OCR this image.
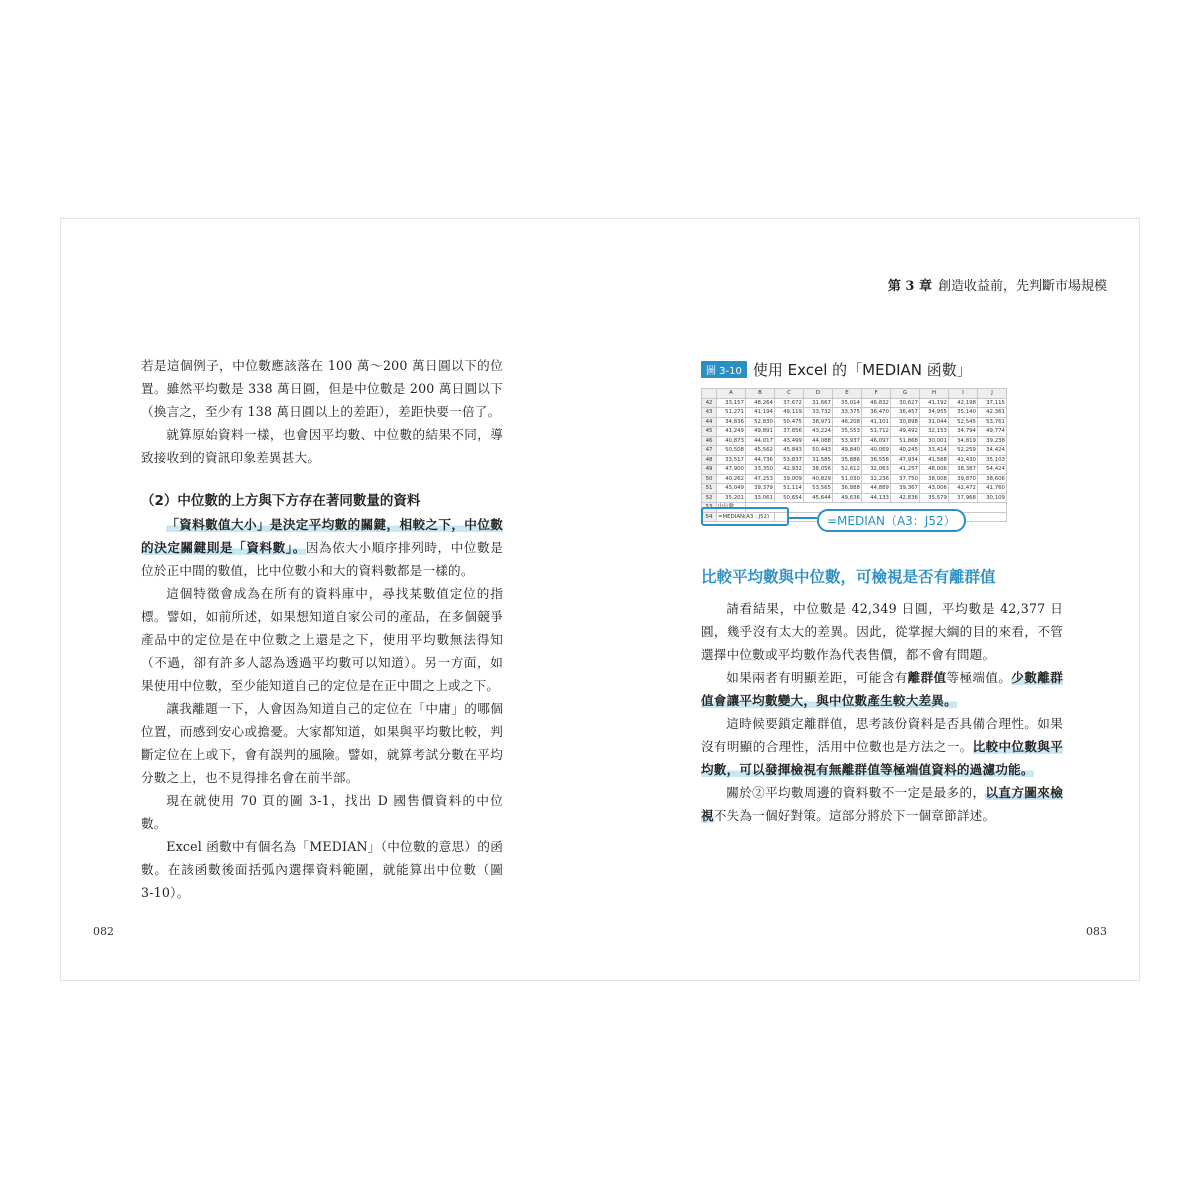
第 3 章 創造收益前，先判斷市場規模

若是這個例子，中位數應該落在 100 萬～200 萬日圓以下的位置。雖然平均數是 338 萬日圓，但是中位數是 200 萬日圓以下（換言之，至少有 138 萬日圓以上的差距），差距快要一倍了。

就算原始資料一樣，也會因平均數、中位數的結果不同，導致接收到的資訊印象差異甚大。

（2）中位數的上方與下方存在著同數量的資料

「資料數值大小」是決定平均數的關鍵，相較之下，中位數的決定關鍵則是「資料數」。因為依大小順序排列時，中位數是位於正中間的數值，比中位數小和大的資料數都是一樣的。

這個特徵會成為在所有的資料庫中，尋找某數值定位的指標。譬如，如前所述，如果想知道自家公司的產品，在多個競爭產品中的定位是在中位數之上還是之下，使用平均數無法得知（不過，卻有許多人認為透過平均數可以知道）。另一方面，如果使用中位數，至少能知道自己的定位是在正中間之上或之下。

讓我離題一下，人會因為知道自己的定位在「中庸」的哪個位置，而感到安心或擔憂。大家都知道，如果與平均數比較，判斷定位在上或下，會有誤判的風險。譬如，就算考試分數在平均分數之上，也不見得排名會在前半部。

現在就使用 70 頁的圖 3-1，找出 D 國售價資料的中位數。

Excel 函數中有個名為「MEDIAN」（中位數的意思）的函數。在該函數後面括弧內選擇資料範圍，就能算出中位數（圖 3-10）。

圖 3-10 使用 Excel 的「MEDIAN 函數」
	A	B	C	D	E	F	G	H	I	J
42	33,157	48,264	37,672	31,667	35,014	46,832	30,627	41,192	42,198	37,115
43	51,271	41,194	49,119	33,732	33,375	36,470	36,457	34,955	35,140	42,361
44	34,836	52,830	50,475	38,971	46,208	41,101	30,898	31,044	52,545	53,761
45	41,249	49,891	37,856	43,224	35,553	51,712	49,492	32,153	34,794	49,774
46	40,873	44,017	43,499	44,088	53,937	46,097	51,868	30,001	34,819	39,238
47	50,508	45,562	45,843	50,443	49,840	40,069	40,245	33,414	52,259	34,424
48	33,517	44,736	53,837	31,585	35,886	36,558	47,934	41,568	42,430	35,103
49	47,900	33,350	42,932	38,056	52,612	32,063	41,257	48,006	38,387	54,424
50	40,262	47,253	39,009	40,829	51,030	32,236	37,750	38,008	39,870	38,606
51	43,049	39,379	51,114	53,565	36,888	44,889	39,367	43,006	42,472	41,760
52	35,201	33,061	50,654	45,644	49,636	44,133	42,836	35,579	37,968	30,109
53	中位數									
54	=MEDIAN(A3 : J52)										=MEDIAN（A3：J52）
比較平均數與中位數，可檢視是否有離群值

請看結果，中位數是 42,349 日圓，平均數是 42,377 日圓，幾乎沒有太大的差異。因此，從掌握大綱的目的來看，不管選擇中位數或平均數作為代表售價，都不會有問題。

如果兩者有明顯差距，可能含有離群值等極端值。少數離群值會讓平均數變大，與中位數產生較大差異。

這時候要鎖定離群值，思考該份資料是否具備合理性。如果沒有明顯的合理性，活用中位數也是方法之一。比較中位數與平均數，可以發揮檢視有無離群值等極端值資料的過濾功能。

關於②平均數周邊的資料數不一定是最多的，以直方圖來檢視不失為一個好對策。這部分將於下一個章節詳述。

082	083
